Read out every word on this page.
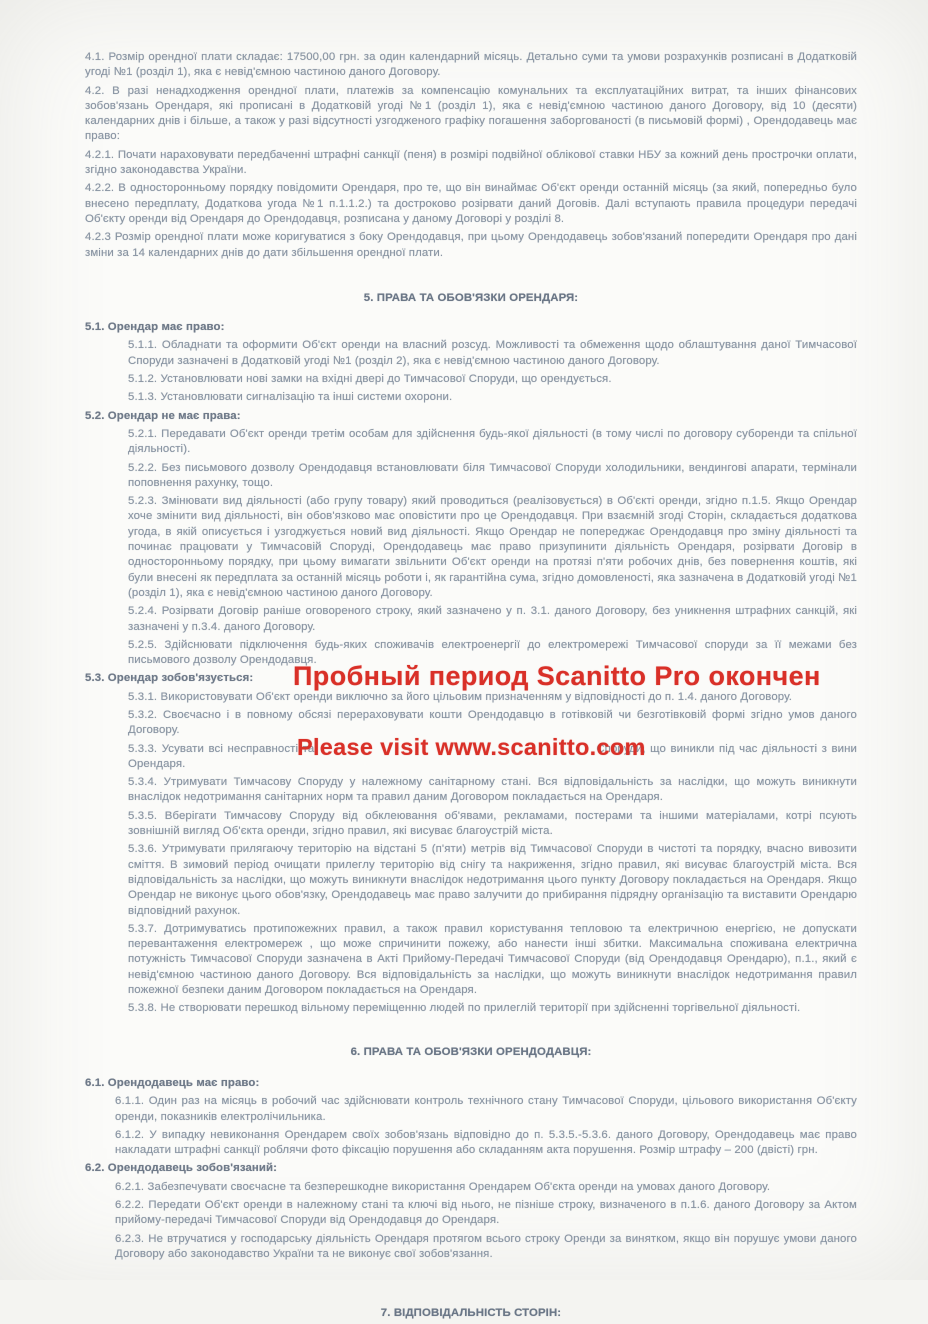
4.1. Розмір орендної плати складає: 17500,00 грн. за один календарний місяць. Детально суми та умови розрахунків розписані в Додатковій угоді №1 (розділ 1), яка є невід'ємною частиною даного Договору.

4.2. В разі ненадходження орендної плати, платежів за компенсацію комунальних та експлуатаційних витрат, та інших фінансових зобов'язань Орендаря, які прописані в Додатковій угоді №1 (розділ 1), яка є невід'ємною частиною даного Договору, від 10 (десяти) календарних днів і більше, а також у разі відсутності узгодженого графіку погашення заборгованості (в письмовій формі) , Орендодавець має право:

4.2.1. Почати нараховувати передбаченні штрафні санкції (пеня) в розмірі подвійної облікової ставки НБУ за кожний день прострочки оплати, згідно законодавства України.

4.2.2. В односторонньому порядку повідомити Орендаря, про те, що він винаймає Об'єкт оренди останній місяць (за який, попередньо було внесено передплату, Додаткова угода №1 п.1.1.2.) та достроково розірвати даний Договів. Далі вступають правила процедури передачі Об'єкту оренди від Орендаря до Орендодавця, розписана у даному Договорі у розділі 8.

4.2.3 Розмір орендної плати може коригуватися з боку Орендодавця, при цьому Орендодавець зобов'язаний попередити Орендаря про дані зміни за 14 календарних днів до дати збільшення орендної плати.

5. ПРАВА ТА ОБОВ'ЯЗКИ ОРЕНДАРЯ:

5.1. Орендар має право:

5.1.1. Обладнати та оформити Об'єкт оренди на власний розсуд. Можливості та обмеження щодо облаштування даної Тимчасової Споруди зазначені в Додатковій угоді №1 (розділ 2), яка є невід'ємною частиною даного Договору.

5.1.2. Установлювати нові замки на вхідні двері до Тимчасової Споруди, що орендується.

5.1.3. Установлювати сигналізацію та інші системи охорони.

5.2. Орендар не має права:

5.2.1. Передавати Об'єкт оренди третім особам для здійснення будь-якої діяльності (в тому числі по договору суборенди та спільної діяльності).

5.2.2. Без письмового дозволу Орендодавця встановлювати біля Тимчасової Споруди холодильники, вендингові апарати, термінали поповнення рахунку, тощо.

5.2.3. Змінювати вид діяльності (або групу товару) який проводиться (реалізовується) в Об'єкті оренди, згідно п.1.5. Якщо Орендар хоче змінити вид діяльності, він обов'язково має оповістити про це Орендодавця. При взаємній згоді Сторін, складається додаткова угода, в якій описується і узгоджується новий вид діяльності. Якщо Орендар не попереджає Орендодавця про зміну діяльності та починає працювати у Тимчасовій Споруді, Орендодавець має право призупинити діяльність Орендаря, розірвати Договір в односторонньому порядку, при цьому вимагати звільнити Об'єкт оренди на протязі п'яти робочих днів, без повернення коштів, які були внесені як передплата за останній місяць роботи і, як гарантійна сума, згідно домовленості, яка зазначена в Додатковій угоді №1 (розділ 1), яка є невід'ємною частиною даного Договору.

5.2.4. Розірвати Договір раніше оговореного строку, який зазначено у п. 3.1. даного Договору, без уникнення штрафних санкцій, які зазначені у п.3.4. даного Договору.

5.2.5. Здійснювати підключення будь-яких споживачів електроенергії до електромережі Тимчасової споруди за її межами без письмового дозволу Орендодавця.

Пробный период Scanitto Pro окончен

5.3. Орендар зобов'язується:

5.3.1. Використовувати Об'єкт оренди виключно за його цільовим призначенням у відповідності до п. 1.4. даного Договору.

5.3.2. Своєчасно і в повному обсязі перераховувати кошти Орендодавцю в готівковій чи безготівковій формі згідно умов даного Договору.

5.3.3. Усувати всі несправності та	Споруди, що виникли під час діяльності з вини Орендаря.
Please visit www.scanitto.com

5.3.4. Утримувати Тимчасову Споруду у належному санітарному стані. Вся відповідальність за наслідки, що можуть виникнути внаслідок недотримання санітарних норм та правил даним Договором покладається на Орендаря.

5.3.5. Вберігати Тимчасову Споруду від обклеювання об'явами, рекламами, постерами та іншими матеріалами, котрі псують зовнішній вигляд Об'єкта оренди, згідно правил, які висуває благоустрій міста.

5.3.6. Утримувати прилягаючу територію на відстані 5 (п'яти) метрів від Тимчасової Споруди в чистоті та порядку, вчасно вивозити сміття. В зимовий період очищати прилеглу територію від снігу та накриження, згідно правил, які висуває благоустрій міста. Вся відповідальність за наслідки, що можуть виникнути внаслідок недотримання цього пункту Договору покладається на Орендаря. Якщо Орендар не виконує цього обов'язку, Орендодавець має право залучити до прибирання підрядну організацію та виставити Орендарю відповідний рахунок.

5.3.7. Дотримуватись протипожежних правил, а також правил користування тепловою та електричною енергією, не допускати перевантаження електромереж , що може спричинити пожежу, або нанести інші збитки. Максимальна споживана електрична потужність Тимчасової Споруди зазначена в Акті Прийому-Передачі Тимчасової Споруди (від Орендодавця Орендарю), п.1., який є невід'ємною частиною даного Договору. Вся відповідальність за наслідки, що можуть виникнути внаслідок недотримання правил пожежної безпеки даним Договором покладається на Орендаря.

5.3.8. Не створювати перешкод вільному переміщенню людей по прилеглій території при здійсненні торгівельної діяльності.

6. ПРАВА ТА ОБОВ'ЯЗКИ ОРЕНДОДАВЦЯ:

6.1. Орендодавець має право:

6.1.1. Один раз на місяць в робочий час здійснювати контроль технічного стану Тимчасової Споруди, цільового використання Об'єкту оренди, показників електролічильника.

6.1.2. У випадку невиконання Орендарем своїх зобов'язань відповідно до п. 5.3.5.-5.3.6. даного Договору, Орендодавець має право накладати штрафні санкції роблячи фото фіксацію порушення або складанням акта порушення. Розмір штрафу – 200 (двісті) грн.

6.2. Орендодавець зобов'язаний:

6.2.1. Забезпечувати своєчасне та безперешкодне використання Орендарем Об'єкта оренди на умовах даного Договору.

6.2.2. Передати Об'єкт оренди в належному стані та ключі від нього, не пізніше строку, визначеного в п.1.6. даного Договору за Актом прийому-передачі Тимчасової Споруди від Орендодавця до Орендаря.

6.2.3. Не втручатися у господарську діяльність Орендаря протягом всього строку Оренди за винятком, якщо він порушує умови даного Договору або законодавство України та не виконує свої зобов'язання.

7. ВІДПОВІДАЛЬНІСТЬ СТОРІН:
